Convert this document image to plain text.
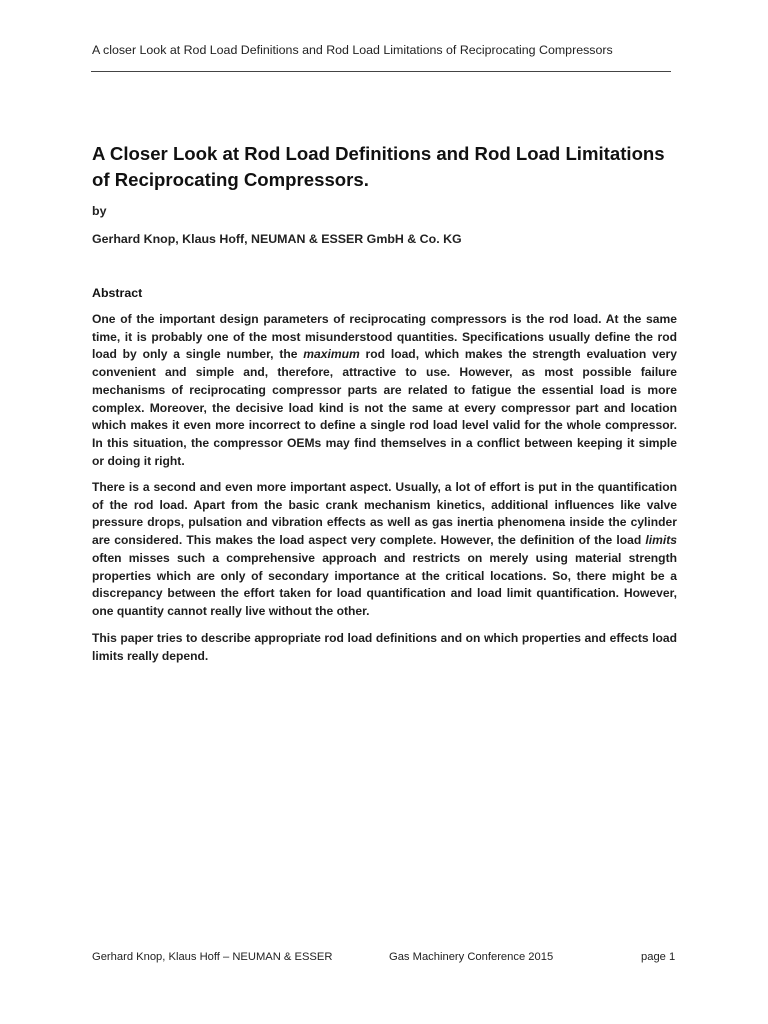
A closer Look at Rod Load Definitions and Rod Load Limitations of Reciprocating Compressors
A Closer Look at Rod Load Definitions and Rod Load Limitations of Reciprocating Compressors.
by
Gerhard Knop, Klaus Hoff, NEUMAN & ESSER GmbH & Co. KG
Abstract

One of the important design parameters of reciprocating compressors is the rod load. At the same time, it is probably one of the most misunderstood quantities. Specifications usually define the rod load by only a single number, the maximum rod load, which makes the strength evaluation very convenient and simple and, therefore, attractive to use. However, as most possible failure mechanisms of reciprocating compressor parts are related to fatigue the essential load is more complex. Moreover, the decisive load kind is not the same at every compressor part and location which makes it even more incorrect to define a single rod load level valid for the whole compressor. In this situation, the compressor OEMs may find themselves in a conflict between keeping it simple or doing it right.

There is a second and even more important aspect. Usually, a lot of effort is put in the quantification of the rod load. Apart from the basic crank mechanism kinetics, additional influences like valve pressure drops, pulsation and vibration effects as well as gas inertia phenomena inside the cylinder are considered. This makes the load aspect very complete. However, the definition of the load limits often misses such a comprehensive approach and restricts on merely using material strength properties which are only of secondary importance at the critical locations. So, there might be a discrepancy between the effort taken for load quantification and load limit quantification. However, one quantity cannot really live without the other.

This paper tries to describe appropriate rod load definitions and on which properties and effects load limits really depend.

Gerhard Knop, Klaus Hoff – NEUMAN & ESSER	Gas Machinery Conference 2015	page 1
